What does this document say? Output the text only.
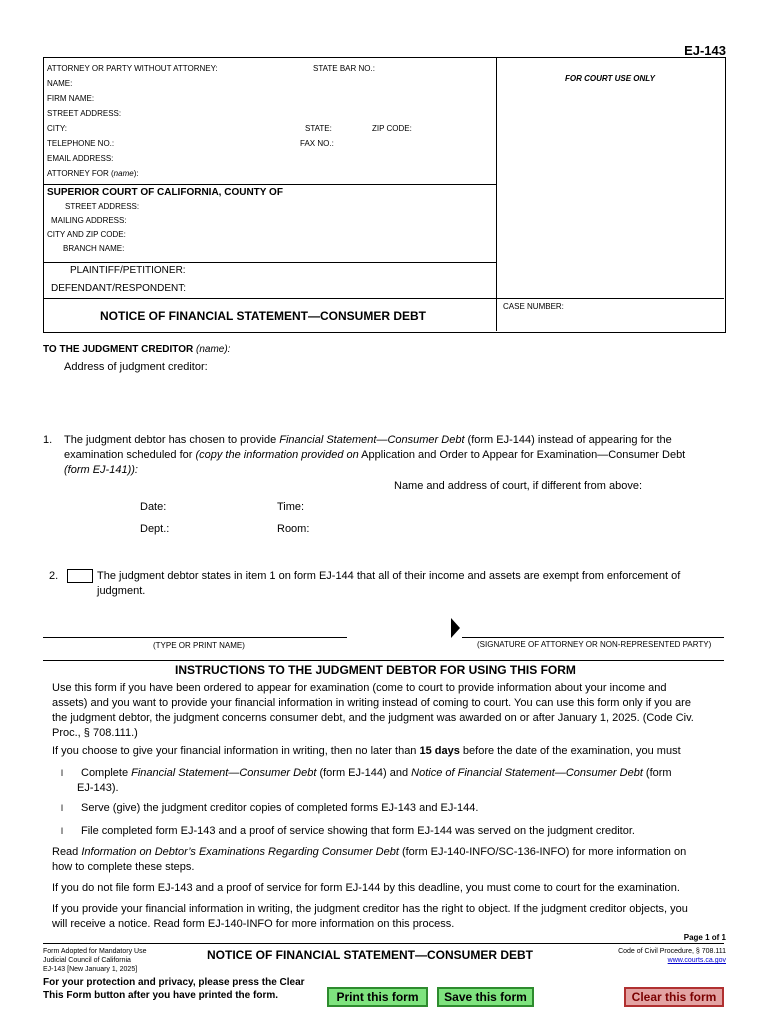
EJ-143
ATTORNEY OR PARTY WITHOUT ATTORNEY:	STATE BAR NO.:
FOR COURT USE ONLY
NAME:
FIRM NAME:
STREET ADDRESS:
CITY:	STATE:	ZIP CODE:
TELEPHONE NO.:	FAX NO.:
EMAIL ADDRESS:
ATTORNEY FOR (name):
SUPERIOR COURT OF CALIFORNIA, COUNTY OF
STREET ADDRESS:
MAILING ADDRESS:
CITY AND ZIP CODE:
BRANCH NAME:
PLAINTIFF/PETITIONER:
DEFENDANT/RESPONDENT:
NOTICE OF FINANCIAL STATEMENT—CONSUMER DEBT
CASE NUMBER:
TO THE JUDGMENT CREDITOR (name):
Address of judgment creditor:
1. The judgment debtor has chosen to provide Financial Statement—Consumer Debt (form EJ-144) instead of appearing for the
examination scheduled for (copy the information provided on Application and Order to Appear for Examination—Consumer Debt
(form EJ-141)):
Name and address of court, if different from above:
Date:	Time:
Dept.:	Room:
2.	The judgment debtor states in item 1 on form EJ-144 that all of their income and assets are exempt from enforcement of
judgment.
(TYPE OR PRINT NAME)	(SIGNATURE OF ATTORNEY OR NON-REPRESENTED PARTY)
INSTRUCTIONS TO THE JUDGMENT DEBTOR FOR USING THIS FORM
Use this form if you have been ordered to appear for examination (come to court to provide information about your income and
assets) and you want to provide your financial information in writing instead of coming to court. You can use this form only if you are
the judgment debtor, the judgment concerns consumer debt, and the judgment was awarded on or after January 1, 2025. (Code Civ.
Proc., § 708.111.)
If you choose to give your financial information in writing, then no later than 15 days before the date of the examination, you must
l Complete Financial Statement—Consumer Debt (form EJ-144) and Notice of Financial Statement—Consumer Debt (form
EJ-143).
l Serve (give) the judgment creditor copies of completed forms EJ-143 and EJ-144.
l File completed form EJ-143 and a proof of service showing that form EJ-144 was served on the judgment creditor.
Read Information on Debtor’s Examinations Regarding Consumer Debt (form EJ-140-INFO/SC-136-INFO) for more information on
how to complete these steps.
If you do not file form EJ-143 and a proof of service for form EJ-144 by this deadline, you must come to court for the examination.
If you provide your financial information in writing, the judgment creditor has the right to object. If the judgment creditor objects, you
will receive a notice. Read form EJ-140-INFO for more information on this process.
Page 1 of 1
Form Adopted for Mandatory Use
Judicial Council of California
EJ-143 [New January 1, 2025]
NOTICE OF FINANCIAL STATEMENT—CONSUMER DEBT	Code of Civil Procedure, § 708.111
www.courts.ca.gov
For your protection and privacy, please press the Clear
This Form button after you have printed the form.	Print this form	Save this form	Clear this form
